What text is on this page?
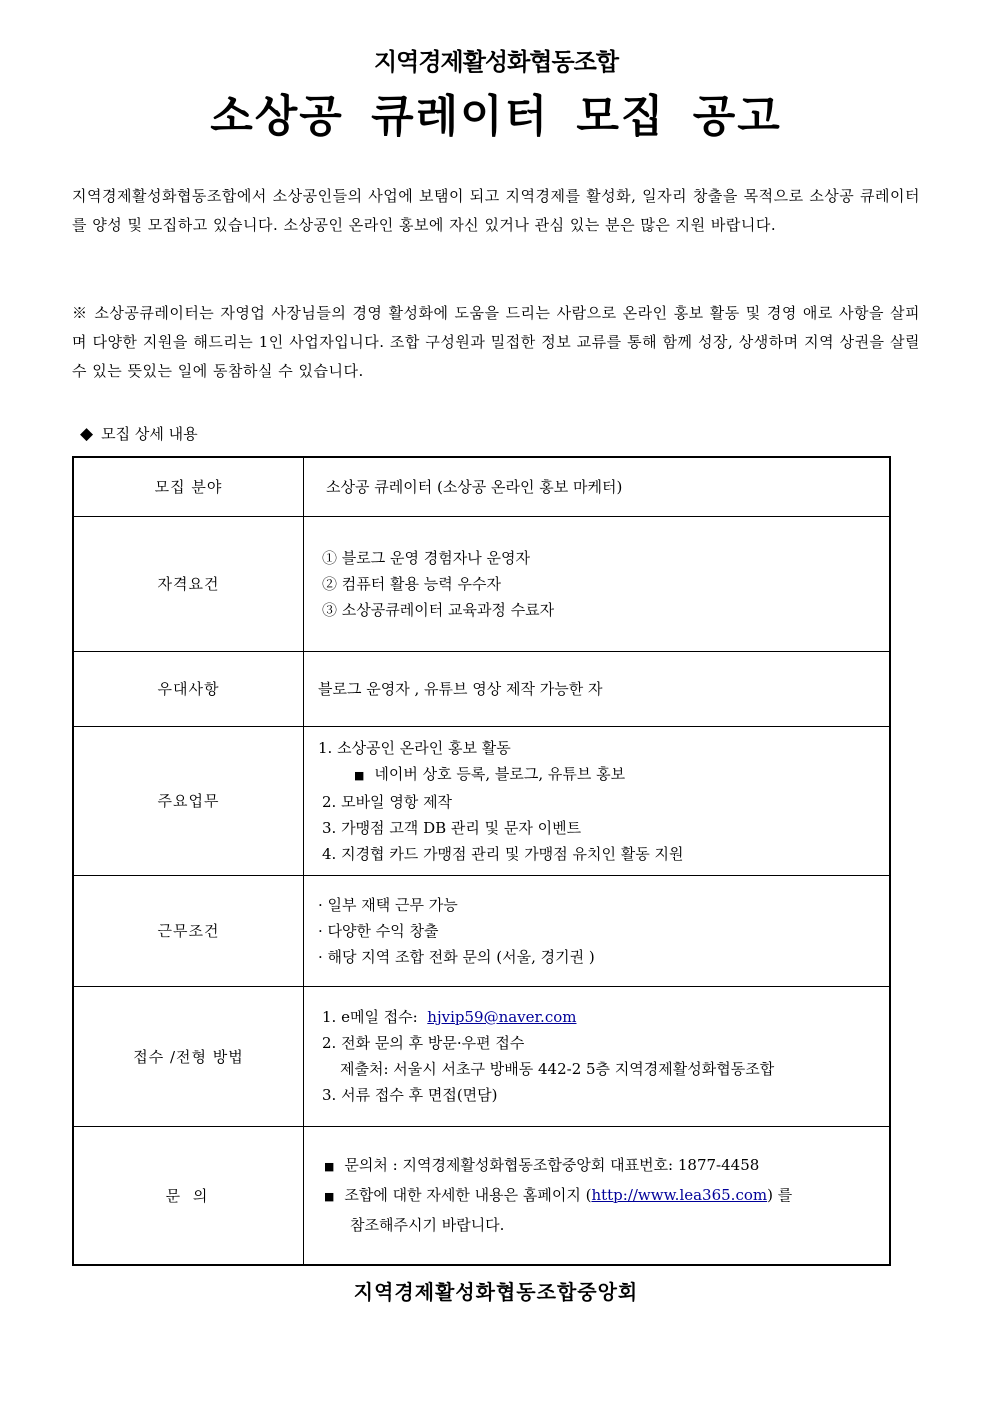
지역경제활성화협동조합
소상공 큐레이터 모집 공고
지역경제활성화협동조합에서 소상공인들의 사업에 보탬이 되고 지역경제를 활성화, 일자리 창출을 목적으로 소상공 큐레이터를 양성 및 모집하고 있습니다. 소상공인 온라인 홍보에 자신 있거나 관심 있는 분은 많은 지원 바랍니다.
※ 소상공큐레이터는 자영업 사장님들의 경영 활성화에 도움을 드리는 사람으로 온라인 홍보 활동 및 경영 애로 사항을 살피며 다양한 지원을 해드리는 1인 사업자입니다. 조합 구성원과 밀접한 정보 교류를 통해 함께 성장, 상생하며 지역 상권을 살릴 수 있는 뜻있는 일에 동참하실 수 있습니다.
◆ 모집 상세 내용
모집 분야	소상공 큐레이터 (소상공 온라인 홍보 마케터)
자격요건	① 블로그 운영 경험자나 운영자
② 컴퓨터 활용 능력 우수자
③ 소상공큐레이터 교육과정 수료자

우대사항	블로그 운영자 , 유튜브 영상 제작 가능한 자
주요업무	1. 소상공인 온라인 홍보 활동
■ 네이버 상호 등록, 블로그, 유튜브 홍보
2. 모바일 영항 제작
3. 가맹점 고객 DB 관리 및 문자 이벤트
4. 지경협 카드 가맹점 관리 및 가맹점 유치인 활동 지원

근무조건	· 일부 재택 근무 가능
· 다양한 수익 창출
· 해당 지역 조합 전화 문의 (서울, 경기권 )

접수 /전형 방법	1. e메일 접수: hjvip59@naver.com
2. 전화 문의 후 방문·우편 접수
제출처: 서울시 서초구 방배동 442-2 5층 지역경제활성화협동조합
3. 서류 접수 후 면접(면담)

문 의	■ 문의처 : 지역경제활성화협동조합중앙회 대표번호: 1877-4458
■ 조합에 대한 자세한 내용은 홈페이지 (http://www.lea365.com) 를
참조해주시기 바랍니다.
지역경제활성화협동조합중앙회
